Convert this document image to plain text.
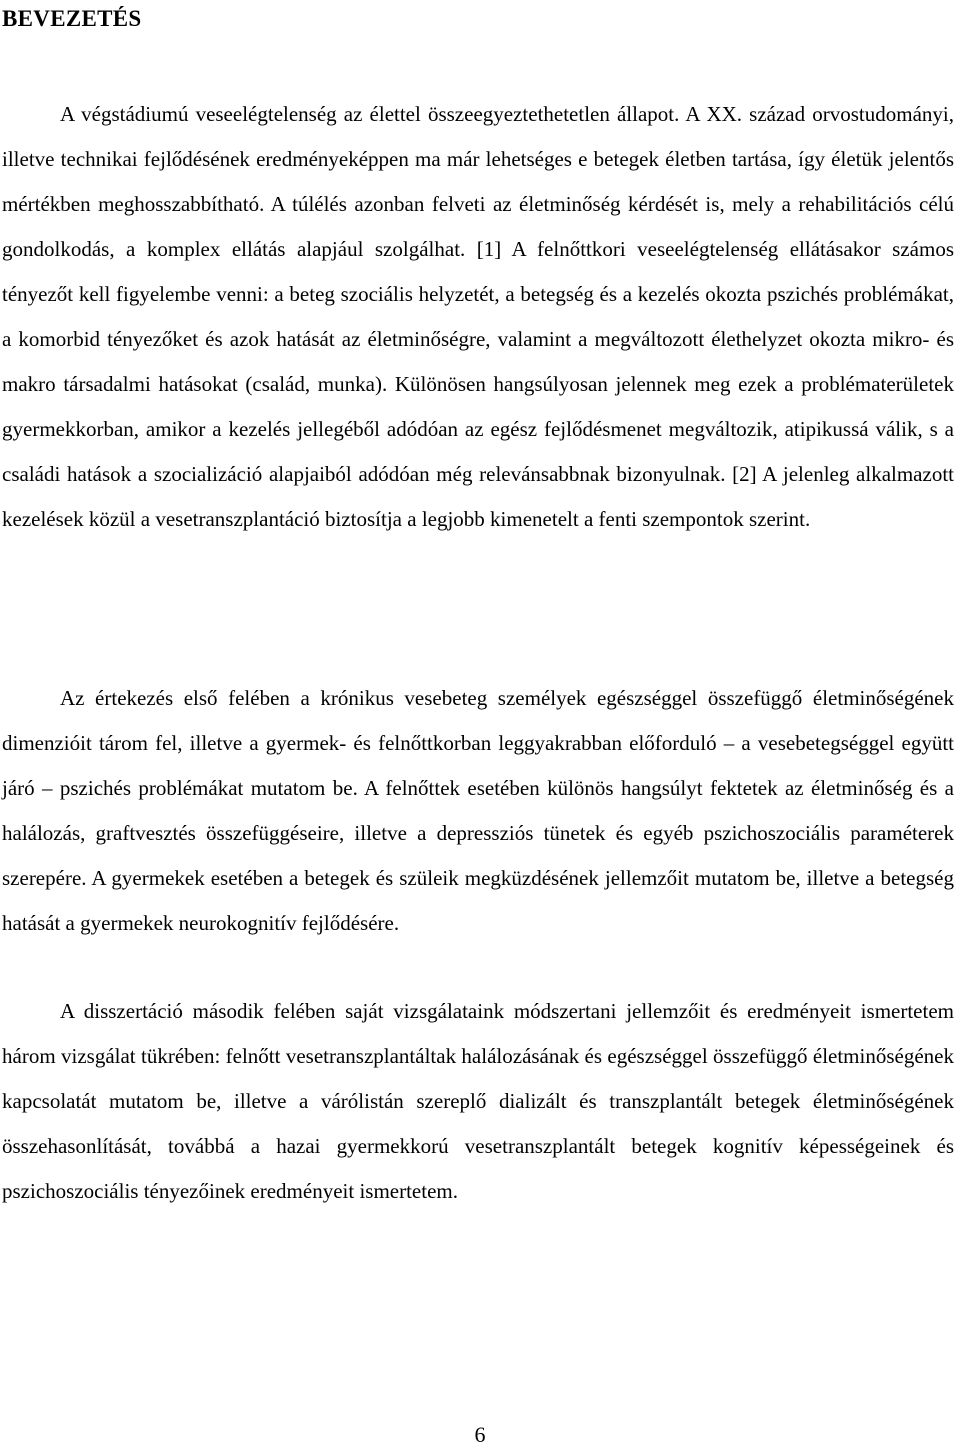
BEVEZETÉS

A végstádiumú veseelégtelenség az élettel összeegyeztethetetlen állapot. A XX. század orvostudományi, illetve technikai fejlődésének eredményeképpen ma már lehetséges e betegek életben tartása, így életük jelentős mértékben meghosszabbítható. A túlélés azonban felveti az életminőség kérdését is, mely a rehabilitációs célú gondolkodás, a komplex ellátás alapjául szolgálhat. [1] A felnőttkori veseelégtelenség ellátásakor számos tényezőt kell figyelembe venni: a beteg szociális helyzetét, a betegség és a kezelés okozta pszichés problémákat, a komorbid tényezőket és azok hatását az életminőségre, valamint a megváltozott élethelyzet okozta mikro- és makro társadalmi hatásokat (család, munka). Különösen hangsúlyosan jelennek meg ezek a problématerületek gyermekkorban, amikor a kezelés jellegéből adódóan az egész fejlődésmenet megváltozik, atipikussá válik, s a családi hatások a szocializáció alapjaiból adódóan még relevánsabbnak bizonyulnak. [2] A jelenleg alkalmazott kezelések közül a vesetranszplantáció biztosítja a legjobb kimenetelt a fenti szempontok szerint.

Az értekezés első felében a krónikus vesebeteg személyek egészséggel összefüggő életminőségének dimenzióit tárom fel, illetve a gyermek- és felnőttkorban leggyakrabban előforduló – a vesebetegséggel együtt járó – pszichés problémákat mutatom be. A felnőttek esetében különös hangsúlyt fektetek az életminőség és a halálozás, graftvesztés összefüggéseire, illetve a depressziós tünetek és egyéb pszichoszociális paraméterek szerepére. A gyermekek esetében a betegek és szüleik megküzdésének jellemzőit mutatom be, illetve a betegség hatását a gyermekek neurokognitív fejlődésére.

A disszertáció második felében saját vizsgálataink módszertani jellemzőit és eredményeit ismertetem három vizsgálat tükrében: felnőtt vesetranszplantáltak halálozásának és egészséggel összefüggő életminőségének kapcsolatát mutatom be, illetve a várólistán szereplő dializált és transzplantált betegek életminőségének összehasonlítását, továbbá a hazai gyermekkorú vesetranszplantált betegek kognitív képességeinek és pszichoszociális tényezőinek eredményeit ismertetem.

6
